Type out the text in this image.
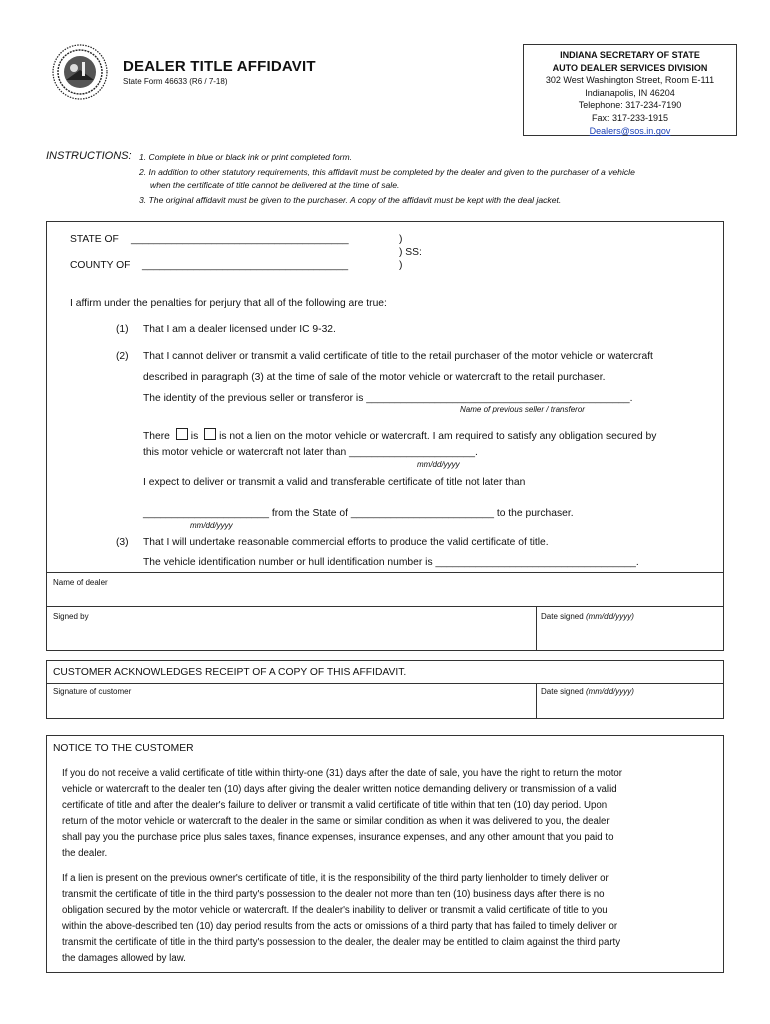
DEALER TITLE AFFIDAVIT
State Form 46633 (R6 / 7-18)
INDIANA SECRETARY OF STATE
AUTO DEALER SERVICES DIVISION
302 West Washington Street, Room E-111
Indianapolis, IN 46204
Telephone: 317-234-7190
Fax: 317-233-1915
Dealers@sos.in.gov
INSTRUCTIONS: 1. Complete in blue or black ink or print completed form.
2. In addition to other statutory requirements, this affidavit must be completed by the dealer and given to the purchaser of a vehicle
when the certificate of title cannot be delivered at the time of sale.
3. The original affidavit must be given to the purchaser. A copy of the affidavit must be kept with the deal jacket.
STATE OF ______________________________________	)
) SS:
COUNTY OF ____________________________________	)
I affirm under the penalties for perjury that all of the following are true:
(1) That I am a dealer licensed under IC 9-32.
(2) That I cannot deliver or transmit a valid certificate of title to the retail purchaser of the motor vehicle or watercraft
described in paragraph (3) at the time of sale of the motor vehicle or watercraft to the retail purchaser.
The identity of the previous seller or transferor is ______________________________________________.
Name of previous seller / transferor
There is is not a lien on the motor vehicle or watercraft. I am required to satisfy any obligation secured by
this motor vehicle or watercraft not later than ______________________.
mm/dd/yyyy
I expect to deliver or transmit a valid and transferable certificate of title not later than
______________________ from the State of _________________________ to the purchaser.
mm/dd/yyyy
(3) That I will undertake reasonable commercial efforts to produce the valid certificate of title.
The vehicle identification number or hull identification number is ___________________________________.
Name of dealer
Signed by	Date signed (mm/dd/yyyy)
CUSTOMER ACKNOWLEDGES RECEIPT OF A COPY OF THIS AFFIDAVIT.
Signature of customer	Date signed (mm/dd/yyyy)
NOTICE TO THE CUSTOMER
If you do not receive a valid certificate of title within thirty-one (31) days after the date of sale, you have the right to return the motor
vehicle or watercraft to the dealer ten (10) days after giving the dealer written notice demanding delivery or transmission of a valid
certificate of title and after the dealer's failure to deliver or transmit a valid certificate of title within that ten (10) day period. Upon
return of the motor vehicle or watercraft to the dealer in the same or similar condition as when it was delivered to you, the dealer
shall pay you the purchase price plus sales taxes, finance expenses, insurance expenses, and any other amount that you paid to
the dealer.
If a lien is present on the previous owner's certificate of title, it is the responsibility of the third party lienholder to timely deliver or
transmit the certificate of title in the third party's possession to the dealer not more than ten (10) business days after there is no
obligation secured by the motor vehicle or watercraft. If the dealer's inability to deliver or transmit a valid certificate of title to you
within the above-described ten (10) day period results from the acts or omissions of a third party that has failed to timely deliver or
transmit the certificate of title in the third party's possession to the dealer, the dealer may be entitled to claim against the third party
the damages allowed by law.
